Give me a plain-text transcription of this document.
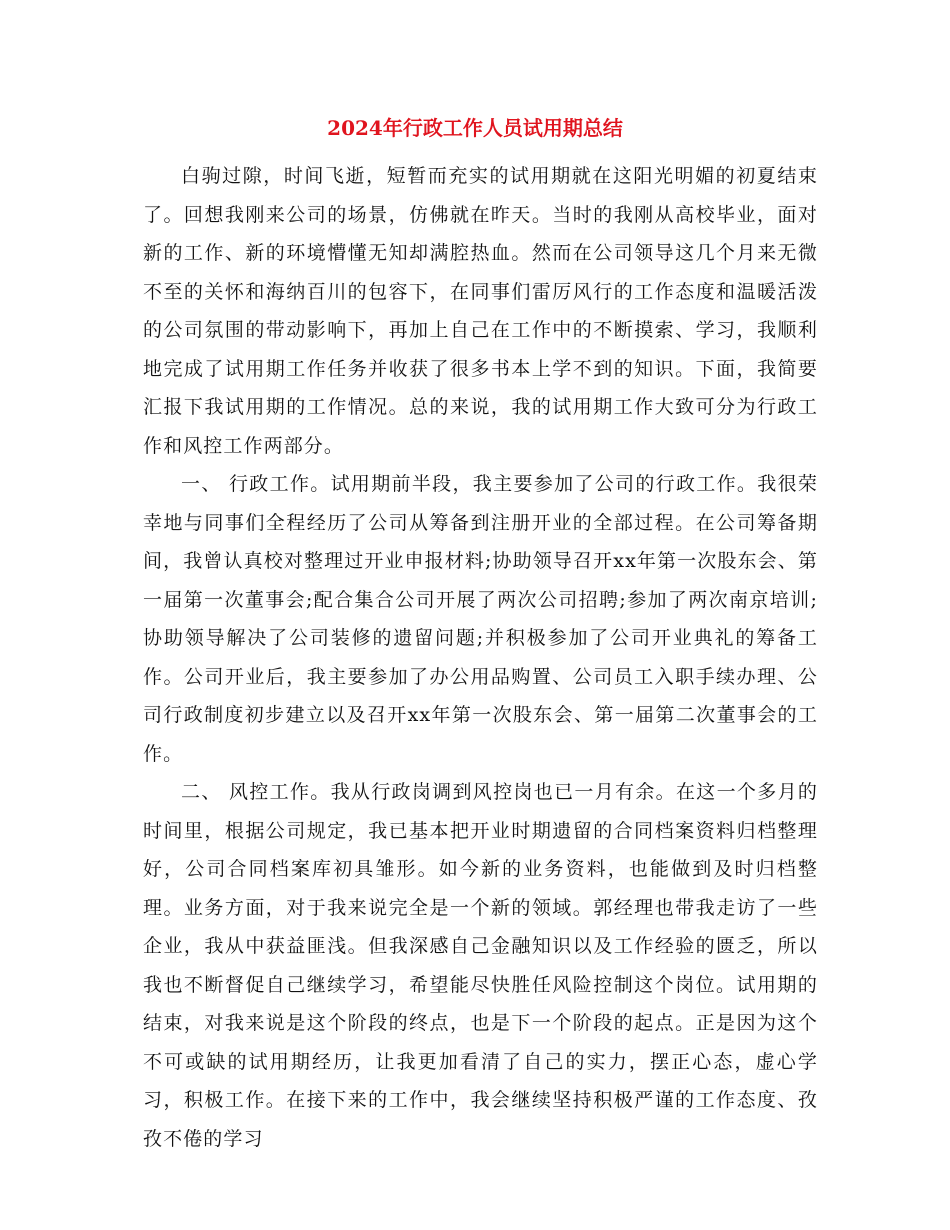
2024年行政工作人员试用期总结

白驹过隙，时间飞逝，短暂而充实的试用期就在这阳光明媚的初夏结束了。回想我刚来公司的场景，仿佛就在昨天。当时的我刚从高校毕业，面对新的工作、新的环境懵懂无知却满腔热血。然而在公司领导这几个月来无微不至的关怀和海纳百川的包容下，在同事们雷厉风行的工作态度和温暖活泼的公司氛围的带动影响下，再加上自己在工作中的不断摸索、学习，我顺利地完成了试用期工作任务并收获了很多书本上学不到的知识。下面，我简要汇报下我试用期的工作情况。总的来说，我的试用期工作大致可分为行政工作和风控工作两部分。

一、 行政工作。试用期前半段，我主要参加了公司的行政工作。我很荣幸地与同事们全程经历了公司从筹备到注册开业的全部过程。在公司筹备期间，我曾认真校对整理过开业申报材料;协助领导召开xx年第一次股东会、第一届第一次董事会;配合集合公司开展了两次公司招聘;参加了两次南京培训;协助领导解决了公司装修的遗留问题;并积极参加了公司开业典礼的筹备工作。公司开业后，我主要参加了办公用品购置、公司员工入职手续办理、公司行政制度初步建立以及召开xx年第一次股东会、第一届第二次董事会的工作。

二、 风控工作。我从行政岗调到风控岗也已一月有余。在这一个多月的时间里，根据公司规定，我已基本把开业时期遗留的合同档案资料归档整理好，公司合同档案库初具雏形。如今新的业务资料，也能做到及时归档整理。业务方面，对于我来说完全是一个新的领域。郭经理也带我走访了一些企业，我从中获益匪浅。但我深感自己金融知识以及工作经验的匮乏，所以我也不断督促自己继续学习，希望能尽快胜任风险控制这个岗位。试用期的结束，对我来说是这个阶段的终点，也是下一个阶段的起点。正是因为这个不可或缺的试用期经历，让我更加看清了自己的实力，摆正心态，虚心学习，积极工作。在接下来的工作中，我会继续坚持积极严谨的工作态度、孜孜不倦的学习
